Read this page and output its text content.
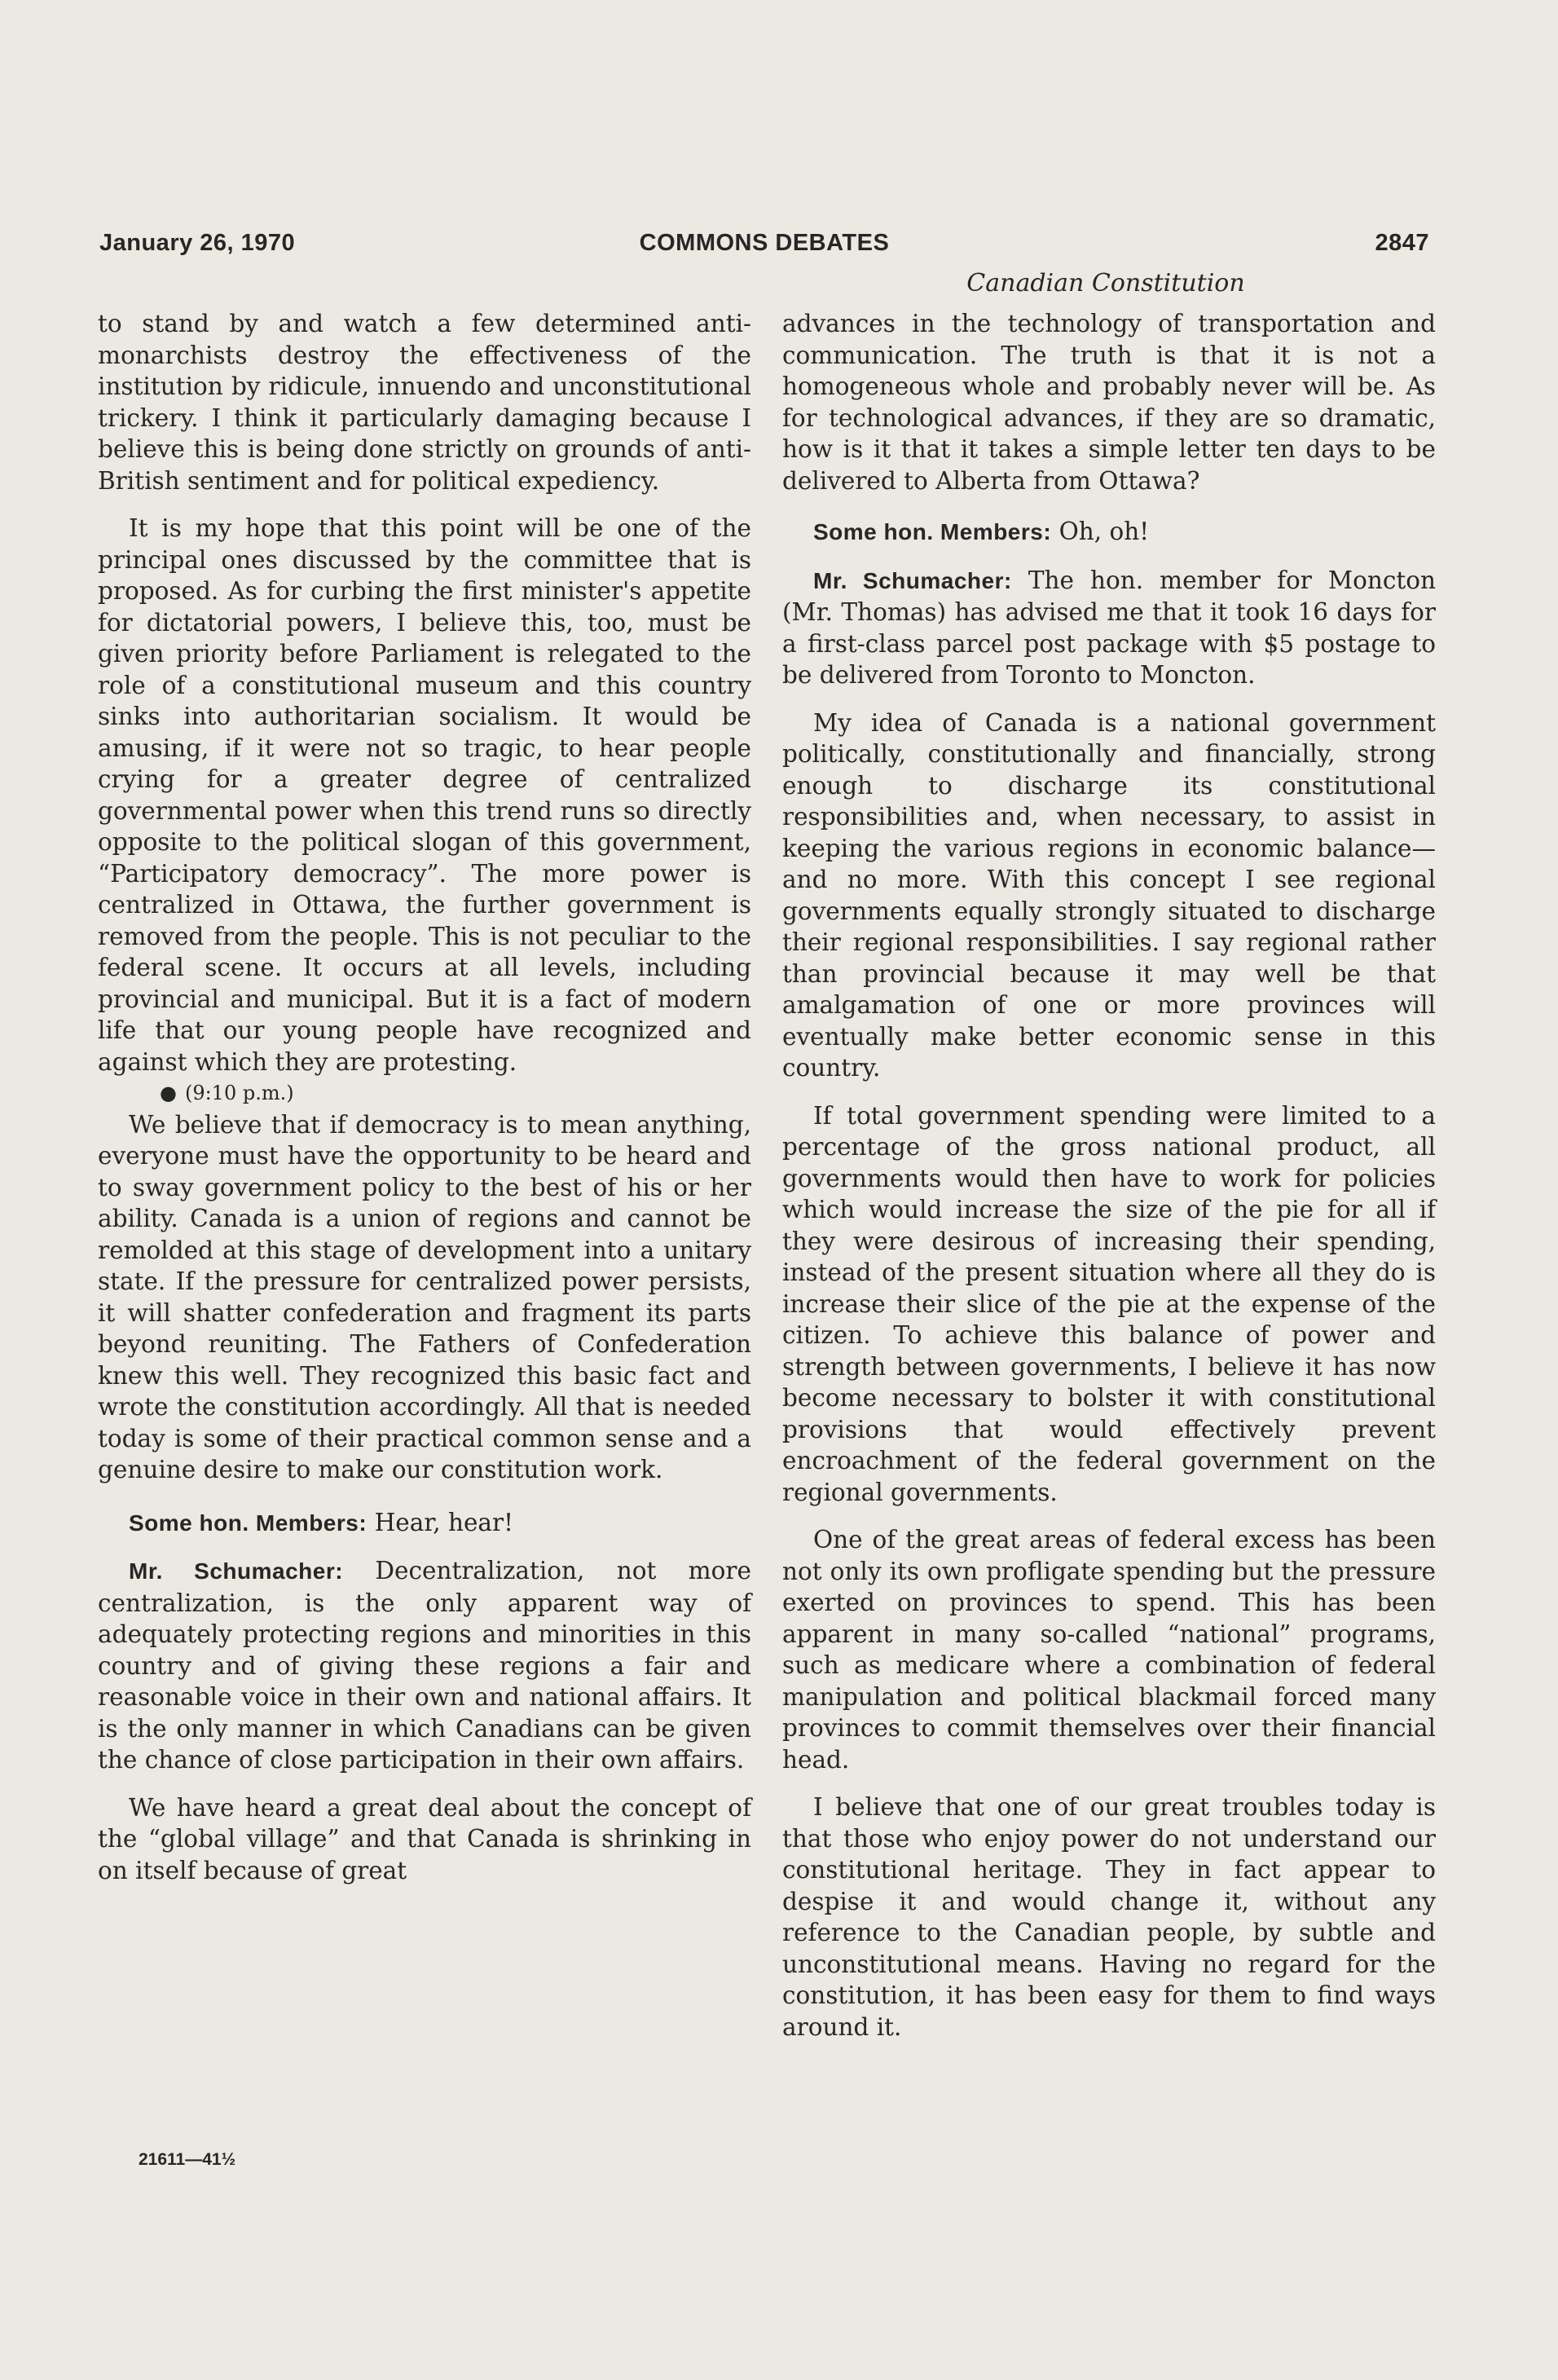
January 26, 1970	COMMONS DEBATES	2847
Canadian Constitution

to stand by and watch a few determined anti-monarchists destroy the effectiveness of the institution by ridicule, innuendo and unconstitutional trickery. I think it particularly damaging because I believe this is being done strictly on grounds of anti-British sentiment and for political expediency.

It is my hope that this point will be one of the principal ones discussed by the committee that is proposed. As for curbing the first minister's appetite for dictatorial powers, I believe this, too, must be given priority before Parliament is relegated to the role of a constitutional museum and this country sinks into authoritarian socialism. It would be amusing, if it were not so tragic, to hear people crying for a greater degree of centralized governmental power when this trend runs so directly opposite to the political slogan of this government, “Participatory democracy”. The more power is centralized in Ottawa, the further government is removed from the people. This is not peculiar to the federal scene. It occurs at all levels, including provincial and municipal. But it is a fact of modern life that our young people have recognized and against which they are protesting.

● (9:10 p.m.)

We believe that if democracy is to mean anything, everyone must have the opportunity to be heard and to sway government policy to the best of his or her ability. Canada is a union of regions and cannot be remolded at this stage of development into a unitary state. If the pressure for centralized power persists, it will shatter confederation and fragment its parts beyond reuniting. The Fathers of Confederation knew this well. They recognized this basic fact and wrote the constitution accordingly. All that is needed today is some of their practical common sense and a genuine desire to make our constitution work.

Some hon. Members: Hear, hear!

Mr. Schumacher: Decentralization, not more centralization, is the only apparent way of adequately protecting regions and minorities in this country and of giving these regions a fair and reasonable voice in their own and national affairs. It is the only manner in which Canadians can be given the chance of close participation in their own affairs.

We have heard a great deal about the concept of the “global village” and that Canada is shrinking in on itself because of great

advances in the technology of transportation and communication. The truth is that it is not a homogeneous whole and probably never will be. As for technological advances, if they are so dramatic, how is it that it takes a simple letter ten days to be delivered to Alberta from Ottawa?

Some hon. Members: Oh, oh!

Mr. Schumacher: The hon. member for Moncton (Mr. Thomas) has advised me that it took 16 days for a first-class parcel post package with $5 postage to be delivered from Toronto to Moncton.

My idea of Canada is a national government politically, constitutionally and financially, strong enough to discharge its constitutional responsibilities and, when necessary, to assist in keeping the various regions in economic balance—and no more. With this concept I see regional governments equally strongly situated to discharge their regional responsibilities. I say regional rather than provincial because it may well be that amalgamation of one or more provinces will eventually make better economic sense in this country.

If total government spending were limited to a percentage of the gross national product, all governments would then have to work for policies which would increase the size of the pie for all if they were desirous of increasing their spending, instead of the present situation where all they do is increase their slice of the pie at the expense of the citizen. To achieve this balance of power and strength between governments, I believe it has now become necessary to bolster it with constitutional provisions that would effectively prevent encroachment of the federal government on the regional governments.

One of the great areas of federal excess has been not only its own profligate spending but the pressure exerted on provinces to spend. This has been apparent in many so-called “national” programs, such as medicare where a combination of federal manipulation and political blackmail forced many provinces to commit themselves over their financial head.

I believe that one of our great troubles today is that those who enjoy power do not understand our constitutional heritage. They in fact appear to despise it and would change it, without any reference to the Canadian people, by subtle and unconstitutional means. Having no regard for the constitution, it has been easy for them to find ways around it.

21611—41½
